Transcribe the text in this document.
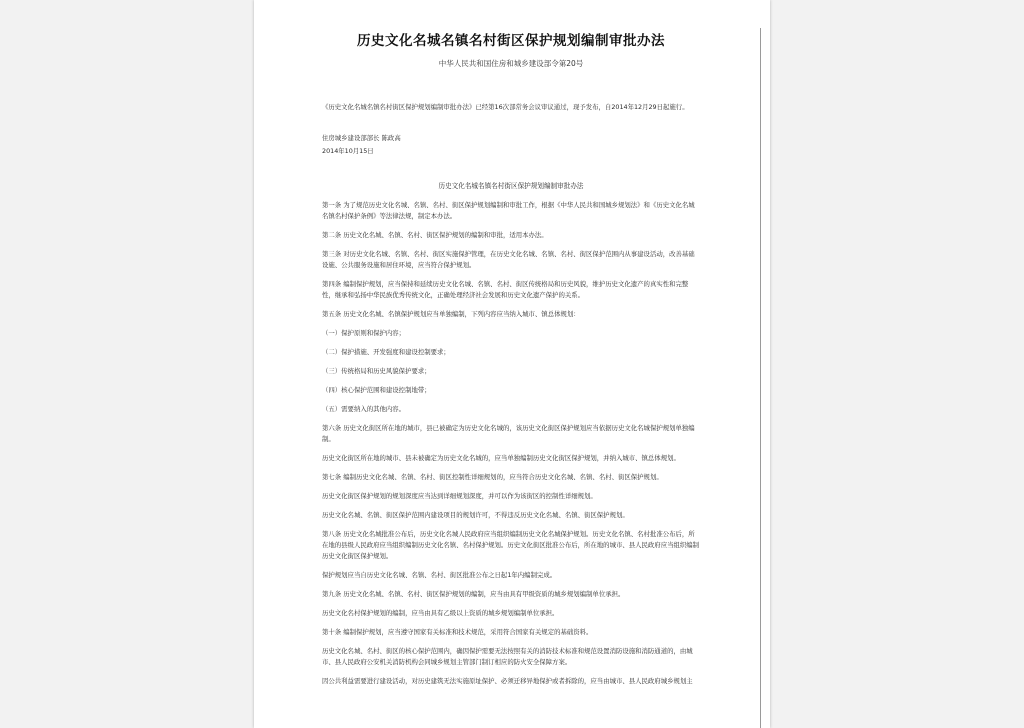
历史文化名城名镇名村街区保护规划编制审批办法

中华人民共和国住房和城乡建设部令第20号

《历史文化名城名镇名村街区保护规划编制审批办法》已经第16次部常务会议审议通过，现予发布，自2014年12月29日起施行。

住房城乡建设部部长 陈政高

2014年10月15日

历史文化名城名镇名村街区保护规划编制审批办法

第一条 为了规范历史文化名城、名镇、名村、街区保护规划编制和审批工作，根据《中华人民共和国城乡规划法》和《历史文化名城名镇名村保护条例》等法律法规，制定本办法。

第二条 历史文化名城、名镇、名村、街区保护规划的编制和审批，适用本办法。

第三条 对历史文化名城、名镇、名村、街区实施保护管理，在历史文化名城、名镇、名村、街区保护范围内从事建设活动，改善基础设施、公共服务设施和居住环境，应当符合保护规划。

第四条 编制保护规划，应当保持和延续历史文化名城、名镇、名村、街区传统格局和历史风貌，维护历史文化遗产的真实性和完整性，继承和弘扬中华民族优秀传统文化，正确处理经济社会发展和历史文化遗产保护的关系。

第五条 历史文化名城、名镇保护规划应当单独编制，下列内容应当纳入城市、镇总体规划：

（一）保护原则和保护内容；

（二）保护措施、开发强度和建设控制要求；

（三）传统格局和历史风貌保护要求；

（四）核心保护范围和建设控制地带；

（五）需要纳入的其他内容。

第六条 历史文化街区所在地的城市，县已被确定为历史文化名城的，该历史文化街区保护规划应当依据历史文化名城保护规划单独编制。

历史文化街区所在地的城市、县未被确定为历史文化名城的，应当单独编制历史文化街区保护规划，并纳入城市、镇总体规划。

第七条 编制历史文化名城、名镇、名村、街区控制性详细规划的，应当符合历史文化名城、名镇、名村、街区保护规划。

历史文化街区保护规划的规划深度应当达到详细规划深度，并可以作为该街区的控制性详细规划。

历史文化名城、名镇、街区保护范围内建设项目的规划许可，不得违反历史文化名城、名镇、街区保护规划。

第八条 历史文化名城批准公布后，历史文化名城人民政府应当组织编制历史文化名城保护规划。历史文化名镇、名村批准公布后，所在地的县级人民政府应当组织编制历史文化名镇、名村保护规划。历史文化街区批准公布后，所在地的城市、县人民政府应当组织编制历史文化街区保护规划。

保护规划应当自历史文化名城、名镇、名村、街区批准公布之日起1年内编制完成。

第九条 历史文化名城、名镇、名村、街区保护规划的编制，应当由具有甲级资质的城乡规划编制单位承担。

历史文化名村保护规划的编制，应当由具有乙级以上资质的城乡规划编制单位承担。

第十条 编制保护规划，应当遵守国家有关标准和技术规范，采用符合国家有关规定的基础资料。

历史文化名城、名村、街区的核心保护范围内，确因保护需要无法按照有关的消防技术标准和规范设置消防设施和消防通道的，由城市、县人民政府公安机关消防机构会同城乡规划主管部门制订相应的防火安全保障方案。

因公共利益需要进行建设活动，对历史建筑无法实施原址保护、必须迁移异地保护或者拆除的，应当由城市、县人民政府城乡规划主
